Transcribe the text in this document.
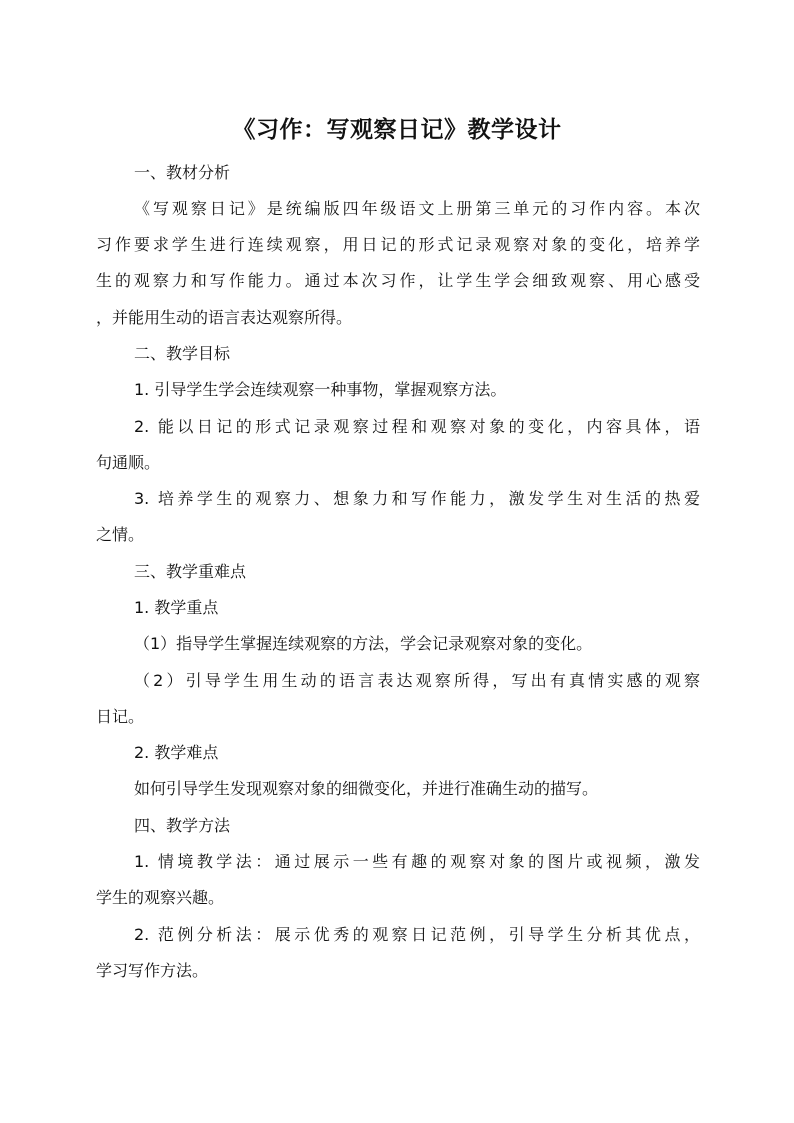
《习作：写观察日记》教学设计
一、教材分析
《写观察日记》是统编版四年级语文上册第三单元的习作内容。本次
习作要求学生进行连续观察，用日记的形式记录观察对象的变化，培养学
生的观察力和写作能力。通过本次习作，让学生学会细致观察、用心感受
，并能用生动的语言表达观察所得。
二、教学目标
1. 引导学生学会连续观察一种事物，掌握观察方法。
2. 能以日记的形式记录观察过程和观察对象的变化，内容具体，语
句通顺。
3. 培养学生的观察力、想象力和写作能力，激发学生对生活的热爱
之情。
三、教学重难点
1. 教学重点
（1）指导学生掌握连续观察的方法，学会记录观察对象的变化。
（2）引导学生用生动的语言表达观察所得，写出有真情实感的观察
日记。
2. 教学难点
如何引导学生发现观察对象的细微变化，并进行准确生动的描写。
四、教学方法
1. 情境教学法：通过展示一些有趣的观察对象的图片或视频，激发
学生的观察兴趣。
2. 范例分析法：展示优秀的观察日记范例，引导学生分析其优点，
学习写作方法。
